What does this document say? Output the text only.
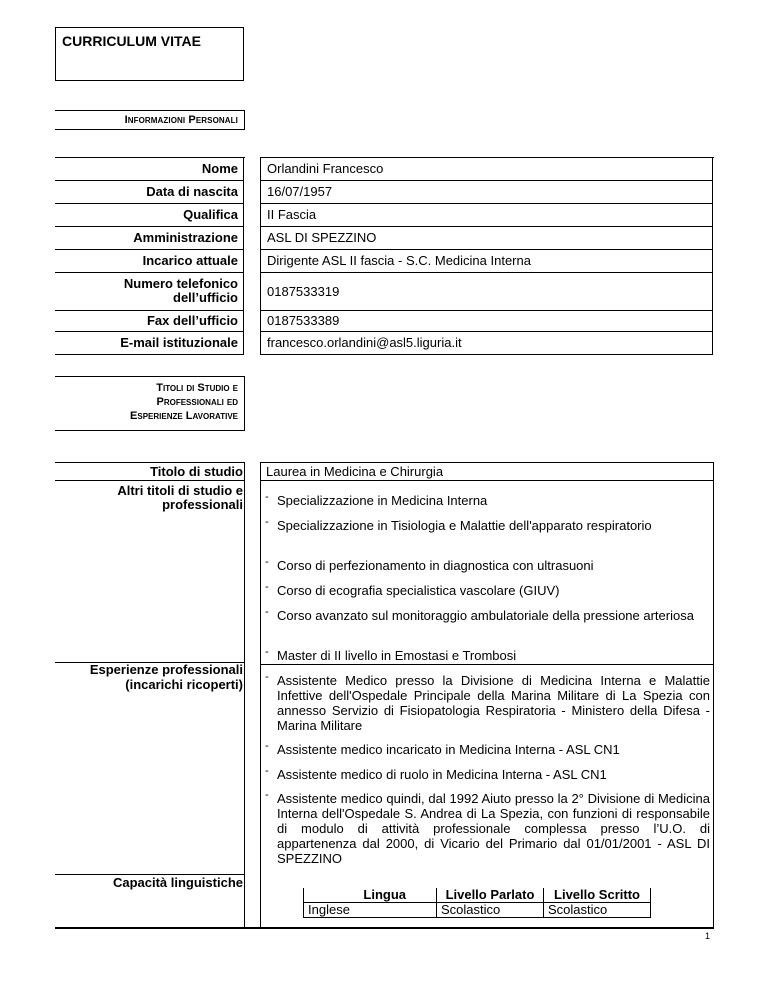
CURRICULUM VITAE
Informazioni Personali
Nome Orlandini Francesco
Data di nascita 16/07/1957
Qualifica II Fascia
Amministrazione ASL DI SPEZZINO
Incarico attuale Dirigente ASL II fascia - S.C. Medicina Interna
Numero telefonico
dell’ufficio 0187533319
Fax dell’ufficio 0187533389
E-mail istituzionale francesco.orlandini@asl5.liguria.it
Titoli di Studio e
Professionali ed
Esperienze Lavorative
Titolo di studio Laurea in Medicina e Chirurgia
Altri titoli di studio e
professionali - Specializzazione in Medicina Interna
- Specializzazione in Tisiologia e Malattie dell'apparato respiratorio
- Corso di perfezionamento in diagnostica con ultrasuoni
- Corso di ecografia specialistica vascolare (GIUV)
- Corso avanzato sul monitoraggio ambulatoriale della pressione arteriosa
- Master di II livello in Emostasi e Trombosi
Esperienze professionali
(incarichi ricoperti) - Assistente Medico presso la Divisione di Medicina Interna e Malattie Infettive dell'Ospedale Principale della Marina Militare di La Spezia con annesso Servizio di Fisiopatologia Respiratoria - Ministero della Difesa - Marina Militare
- Assistente medico incaricato in Medicina Interna - ASL CN1
- Assistente medico di ruolo in Medicina Interna - ASL CN1
- Assistente medico quindi, dal 1992 Aiuto presso la 2° Divisione di Medicina Interna dell'Ospedale S. Andrea di La Spezia, con funzioni di responsabile di modulo di attività professionale complessa presso l’U.O. di appartenenza dal 2000, di Vicario del Primario dal 01/01/2001 - ASL DI SPEZZINO
Capacità linguistiche
Lingua	Livello Parlato	Livello Scritto
Inglese	Scolastico	Scolastico
1
